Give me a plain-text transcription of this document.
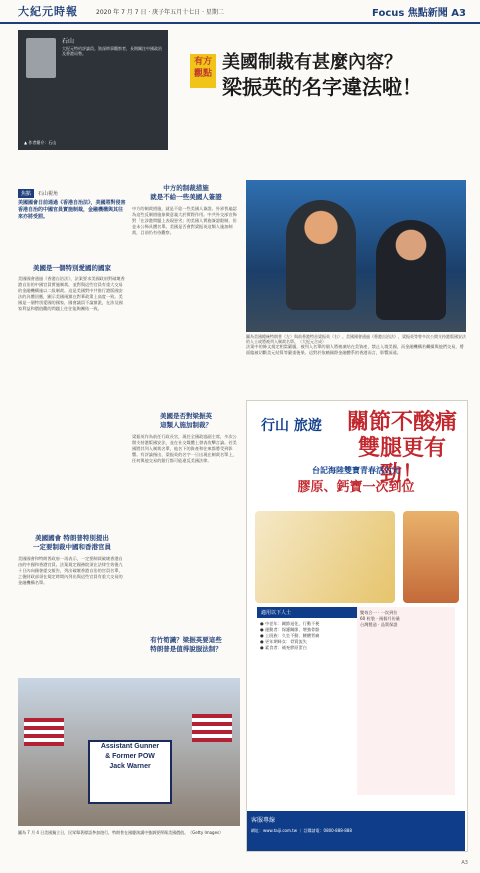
大紀元時報	2020 年 7 月 7 日 · 庚子年五月十七日 · 星期二	Focus 焦點新聞 A3
石山
大紀元特約評論員。資深時事觀察者，長期關注中國政治及香港局勢。
▲ 作者簡介：石山
有方
觀點
美國制裁有甚麼內容？
梁振英的名字違法啦！
焦點	石山視角
美國國會日前通過《香港自治法》，美國將對侵害香港自治的中國官員實施制裁，金融機構與其往來亦將受罰。
美國是一個特別愛國的國家
美國國會通過《香港自治法》，法案要求美國政府對破壞香港自治的中國官員實施制裁，並對與這些官員有重大交易的金融機構施以二級制裁。這是美國對中共推行港版國安法的具體回應，顯示美國兩黨在對華政策上高度一致。美國是一個特別愛國的國家，國會議員不論黨派，在涉及國家利益和價值觀的問題上往往能夠團結一致。
美國國會 特朗普特別提出
一定要制裁中國和香港官員
美國國會和特朗普政府一再表示，一定要制裁破壞香港自由的中國和香港官員。法案規定國務院須在法律生效後九十日內向國會提交報告，列出破壞香港自治的官員名單，之後財政部須在規定時間內列出與這些官員有重大交易的金融機構名單。
中方的制裁措施
就是不給一些美國人簽證
中方的制裁措施，就是不給一些美國人簽證。外界普遍認為這些反制措施象徵意義大於實際作用。中共外交部宣佈對「在涉港問題上表現惡劣」的美國人實施簽證限制，但並未公佈具體名單。美國是否會對梁振英這類人施加制裁，目前仍有待觀察。
美國是否對梁振英
這類人施加制裁？
梁振英作為前任行政長官，現任全國政協副主席，多次公開支持港版國安法，並在社交媒體上發表攻擊言論。若美國將其列入制裁名單，他名下的資產和往來都將受到影響。有評論指出，梁振英的名字一旦出現在制裁名單上，任何與他交易的銀行都可能違反美國法律。
有竹筍識？梁振英要這些
特朗普是值得說服法制？
法案中的條文規定相當嚴厲，被列入名單的個人將被凍結在美資產，禁止入境美國，而金融機構若繼續與他們交易，將面臨被切斷美元結算等嚴重後果。這對於依賴國際金融體系的香港而言，影響深遠。
圖為美國總統特朗普（左）與前香港特首梁振英（右）。美國國會通過《香港自治法》，梁振英等曾多次公開支持港版國安法的人士或將被列入制裁名單。（大紀元合成）
Assistant Gunner
& Former POW
Jack Warner
圖為 7 月 4 日美國獨立日，民眾舉著標語參加遊行，特朗普在國慶演講中強調要捍衛美國價值。（Getty Images）
行山 旅遊 關節不酸痛
雙腿更有勁！
台記海陸雙寶青春活力元
膠原、鈣寶一次到位
適用以下人士
● 中老年：關節退化、行動不便
● 運動者：保護關節、增強骨骼
● 上班族：久坐不動、腰酸背痛
● 更年期婦女：骨質流失
● 素食者：補充膠原蛋白
雙效合一 · 一次到位
60 粒裝 · 兩個月份量
台灣製造 · 品質保證
客服專線
網址：www.taiji.com.tw ｜ 訂購請電：0800-888-888
A3
